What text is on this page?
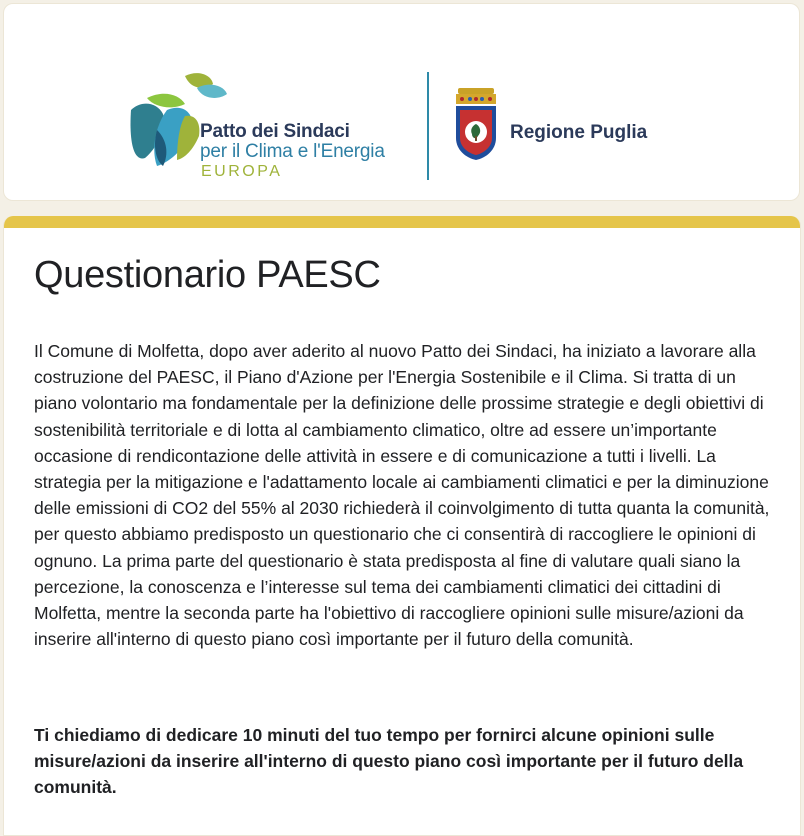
Patto dei Sindaci
per il Clima e l'Energia
EUROPA
Regione Puglia
Questionario PAESC

Il Comune di Molfetta, dopo aver aderito al nuovo Patto dei Sindaci, ha iniziato a lavorare alla costruzione del PAESC, il Piano d'Azione per l'Energia Sostenibile e il Clima. Si tratta di un piano volontario ma fondamentale per la definizione delle prossime strategie e degli obiettivi di sostenibilità territoriale e di lotta al cambiamento climatico, oltre ad essere un’importante occasione di rendicontazione delle attività in essere e di comunicazione a tutti i livelli. La strategia per la mitigazione e l'adattamento locale ai cambiamenti climatici e per la diminuzione delle emissioni di CO2 del 55% al 2030 richiederà il coinvolgimento di tutta quanta la comunità, per questo abbiamo predisposto un questionario che ci consentirà di raccogliere le opinioni di ognuno. La prima parte del questionario è stata predisposta al fine di valutare quali siano la percezione, la conoscenza e l’interesse sul tema dei cambiamenti climatici dei cittadini di Molfetta, mentre la seconda parte ha l'obiettivo di raccogliere opinioni sulle misure/azioni da inserire all'interno di questo piano così importante per il futuro della comunità.

Ti chiediamo di dedicare 10 minuti del tuo tempo per fornirci alcune opinioni sulle misure/azioni da inserire all'interno di questo piano così importante per il futuro della comunità.
